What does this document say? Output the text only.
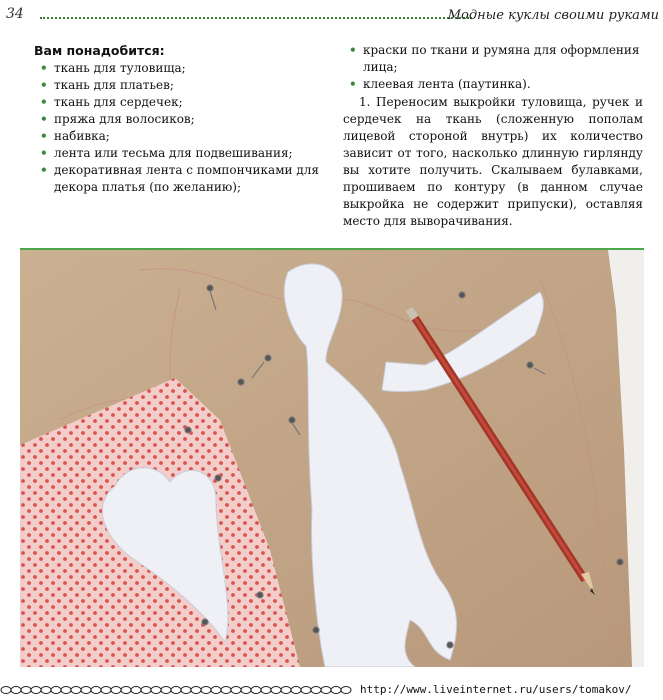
34	Модные куклы своими руками
Вам понадобится:
• ткань для туловища;
• ткань для платьев;
• ткань для сердечек;
• пряжа для волосиков;
• набивка;
• лента или тесьма для подвешивания;
• декоративная лента с помпончиками для декора платья (по желанию);
• краски по ткани и румяна для оформления лица;
• клеевая лента (паутинка).
1. Переносим выкройки туловища, ручек и сердечек на ткань (сложенную пополам лицевой стороной внутрь) их количество зависит от того, насколько длинную гирлянду вы хотите получить. Скалываем булавками, прошиваем по контуру (в данном случае выкройка не содержит припуски), оставляя место для выворачивания.
http://www.liveinternet.ru/users/tomakov/
